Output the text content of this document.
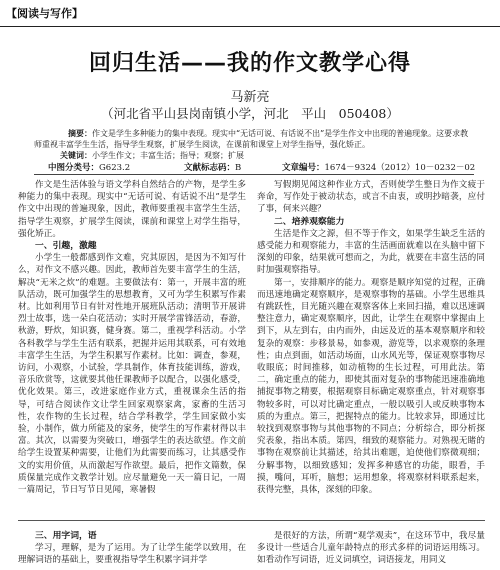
【阅读与写作】
回归生活——我的作文教学心得
马新亮
（河北省平山县岗南镇小学，河北　平山　050408）
摘要：作文是学生多种能力的集中表现。现实中“无话可说、有话说不出”是学生作文中出现的普遍现象。这要求教师重视丰富学生生活，指导学生观察，扩展学生阅读，在课前和课堂上对学生指导，强化矫正。
关键词：小学生作文；丰富生活；指导；观察；扩展
中图分类号：G623.2	文献标志码：B	文章编号：1674－9324（2012）10－0232－02

作文是生活体验与语文学科自然结合的产物，是学生多种能力的集中表现。现实中“无话可说、有话说不出”是学生作文中出现的普遍现象，因此，教师要重视丰富学生生活，指导学生观察，扩展学生阅读，课前和课堂上对学生指导，强化矫正。

一、引趣，激趣

小学生一般都感到作文难，究其原因，是因为不知写什么，对作文不感兴趣。因此，教师首先要丰富学生的生活，解决“无米之炊”的难题。主要做法有：第一，开展丰富的班队活动，既可加强学生的思想教育，又可为学生积累写作素材。比如利用节日有针对性地开展班队活动；清明节开展讲烈士故事，选一朵白花活动；实时开展学雷锋活动，春游，秋游，野炊，知识赛，健身赛。第二，重视学科活动。小学各科教学与学生生活有联系，把握并运用其联系，可有效地丰富学生生活，为学生积累写作素材。比如：调查，参观，访问，小观察，小试验，学具制作，体育技能训练，游戏，音乐欣赏等，这就要其他任课教师予以配合，以强化感受，优化效果。第三，改进家庭作业方式，重视课余生活的指导，可结合阅读作文让学生回家观察家禽，家畜的生活习性，农作物的生长过程，结合学科教学，学生回家做小实验，小制作，做力所能及的家务，使学生的写作素材得以丰富。其次，以需要为突破口，增强学生的表达欲望。作文前给学生设置某种需要，让他们为此需要而练习，让其感受作文的实用价值，从而激起写作欲望。最后，把作文篇数，保质保量完成作文教学计划。应尽量避免一天一篇日记，一周一篇周记，节日写节日见闻，寒暑假

写假期见闻这种作业方式，否则使学生整日为作文疲于奔命，写作处于被动状态，或言不由衷，或明抄暗袭，应付了事，何来兴趣？

二、培养观察能力

生活是作文之源，但不等于作文，如果学生缺乏生活的感受能力和观察能力，丰富的生活画面就难以在头脑中留下深刻的印象，结果就可想而之，为此，就要在丰富生活的同时加强观察指导。

第一，安排顺序的能力。观察是顺序知觉的过程，正确而迅速地确定观察顺序，是观察事物的基础。小学生思维具有跳跃性，目光随兴趣在观察客体上来回扫描，难以迅速调整注意力，确定观察顺序，因此，让学生在观察中掌握由上到下，从左到右，由内而外，由远及近的基本观察顺序和较复杂的观察：步移景易，如参观，游览等，以求观察的条理性；由点到面，如活动场面，山水风光等，保证观察事物尽收眼底；时间推移，如动植物的生长过程，可用此法。第二，确定重点的能力，即使其面对复杂的事物能迅速准确地捕捉事物之精要，根据观察目标确定观察重点，针对观察事物较多时，可以对比确定重点，一般以吸引人或反映事物本质的为重点。第三，把握特点的能力。比较求异，即通过比较找到观察事物与其他事物的不同点；分析综合，即分析探究表象，指出本质。第四，细致的观察能力。对熟视无睹的事物在观察前让其描述，给其出难题，迫使他们察微观细；分解事物，以细致感知；发挥多种感官的功能，眼看，手摸，嘴问，耳听，脑想；运用想象，将观察材料联系起来，获得完整，具体，深刻的印象。

三、用字词，语

学习，理解，是为了运用。为了让学生能学以致用，在理解词语的基础上，要重视指导学生积累字词并学

是很好的方法，所谓“观学观卖”，在这环节中，我尽量多设计一些适合儿童年龄特点的形式多样的词语运用练习。如看动作写词语，近义词填空，词语接龙，用同义
